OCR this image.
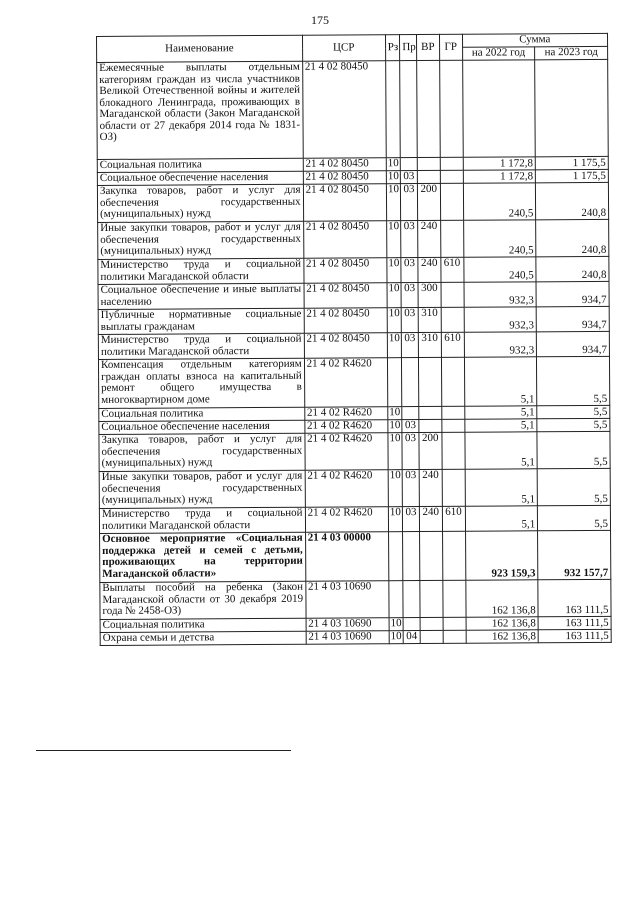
175
Наименование	ЦСР	Рз	Пр	ВР	ГР	Сумма	
						на 2022 год	на 2023 год
Ежемесячные выплаты отдельным категориям граждан из числа участников Великой Отечественной войны и жителей блокадного Ленинграда, проживающих в Магаданской области (Закон Магаданской области от 27 декабря 2014 года № 1831-ОЗ)	21 4 02 80450						
Социальная политика	21 4 02 80450	10				1 172,8	1 175,5
Социальное обеспечение населения	21 4 02 80450	10	03			1 172,8	1 175,5
Закупка товаров, работ и услуг для обеспечения государственных (муниципальных) нужд	21 4 02 80450	10	03	200		240,5	240,8
Иные закупки товаров, работ и услуг для обеспечения государственных (муниципальных) нужд	21 4 02 80450	10	03	240		240,5	240,8
Министерство труда и социальной политики Магаданской области	21 4 02 80450	10	03	240	610	240,5	240,8
Социальное обеспечение и иные выплаты населению	21 4 02 80450	10	03	300		932,3	934,7
Публичные нормативные социальные выплаты гражданам	21 4 02 80450	10	03	310		932,3	934,7
Министерство труда и социальной политики Магаданской области	21 4 02 80450	10	03	310	610	932,3	934,7
Компенсация отдельным категориям граждан оплаты взноса на капитальный ремонт общего имущества в многоквартирном доме	21 4 02 R4620					5,1	5,5
Социальная политика	21 4 02 R4620	10				5,1	5,5
Социальное обеспечение населения	21 4 02 R4620	10	03			5,1	5,5
Закупка товаров, работ и услуг для обеспечения государственных (муниципальных) нужд	21 4 02 R4620	10	03	200		5,1	5,5
Иные закупки товаров, работ и услуг для обеспечения государственных (муниципальных) нужд	21 4 02 R4620	10	03	240		5,1	5,5
Министерство труда и социальной политики Магаданской области	21 4 02 R4620	10	03	240	610	5,1	5,5
Основное мероприятие «Социальная поддержка детей и семей с детьми, проживающих на территории Магаданской области»	21 4 03 00000					923 159,3	932 157,7
Выплаты пособий на ребенка (Закон Магаданской области от 30 декабря 2019 года № 2458-ОЗ)	21 4 03 10690					162 136,8	163 111,5
Социальная политика	21 4 03 10690	10				162 136,8	163 111,5
Охрана семьи и детства	21 4 03 10690	10	04			162 136,8	163 111,5
